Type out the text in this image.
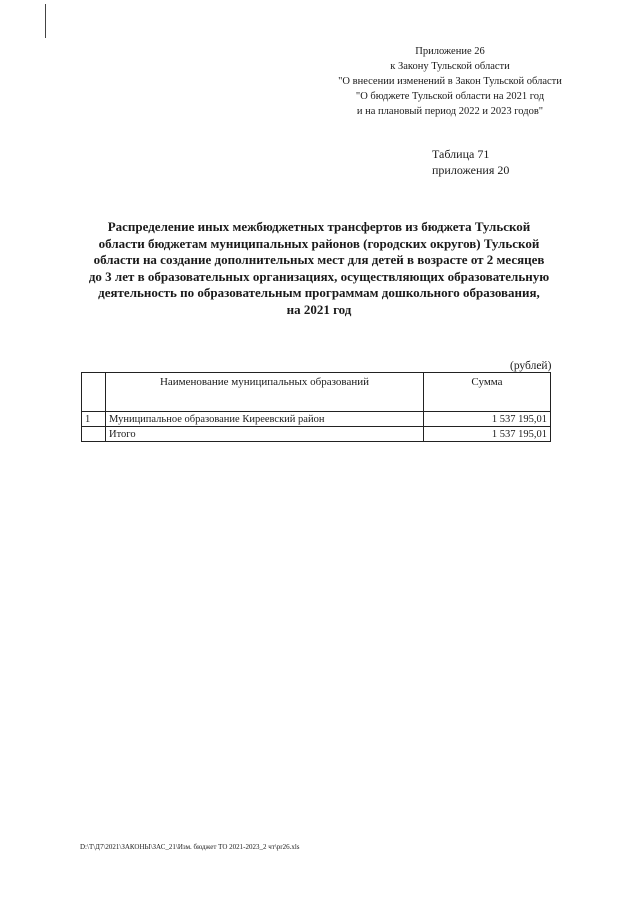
Приложение 26
к Закону Тульской области
"О внесении изменений в Закон Тульской области
"О бюджете Тульской области на 2021 год
и на плановый период 2022 и 2023 годов"
Таблица 71
приложения 20
Распределение иных межбюджетных трансфертов из бюджета Тульской
области бюджетам муниципальных районов (городских округов) Тульской
области на создание дополнительных мест для детей в возрасте от 2 месяцев
до 3 лет в образовательных организациях, осуществляющих образовательную
деятельность по образовательным программам дошкольного образования,
на 2021 год
(рублей)
	Наименование муниципальных образований	Сумма
1	Муниципальное образование Киреевский район	1 537 195,01
	Итого	1 537 195,01
D:\Т\Д7\2021\ЗАКОНЫ\ЗАС_21\Изм. бюджет ТО 2021-2023_2 чт\рr26.xls
